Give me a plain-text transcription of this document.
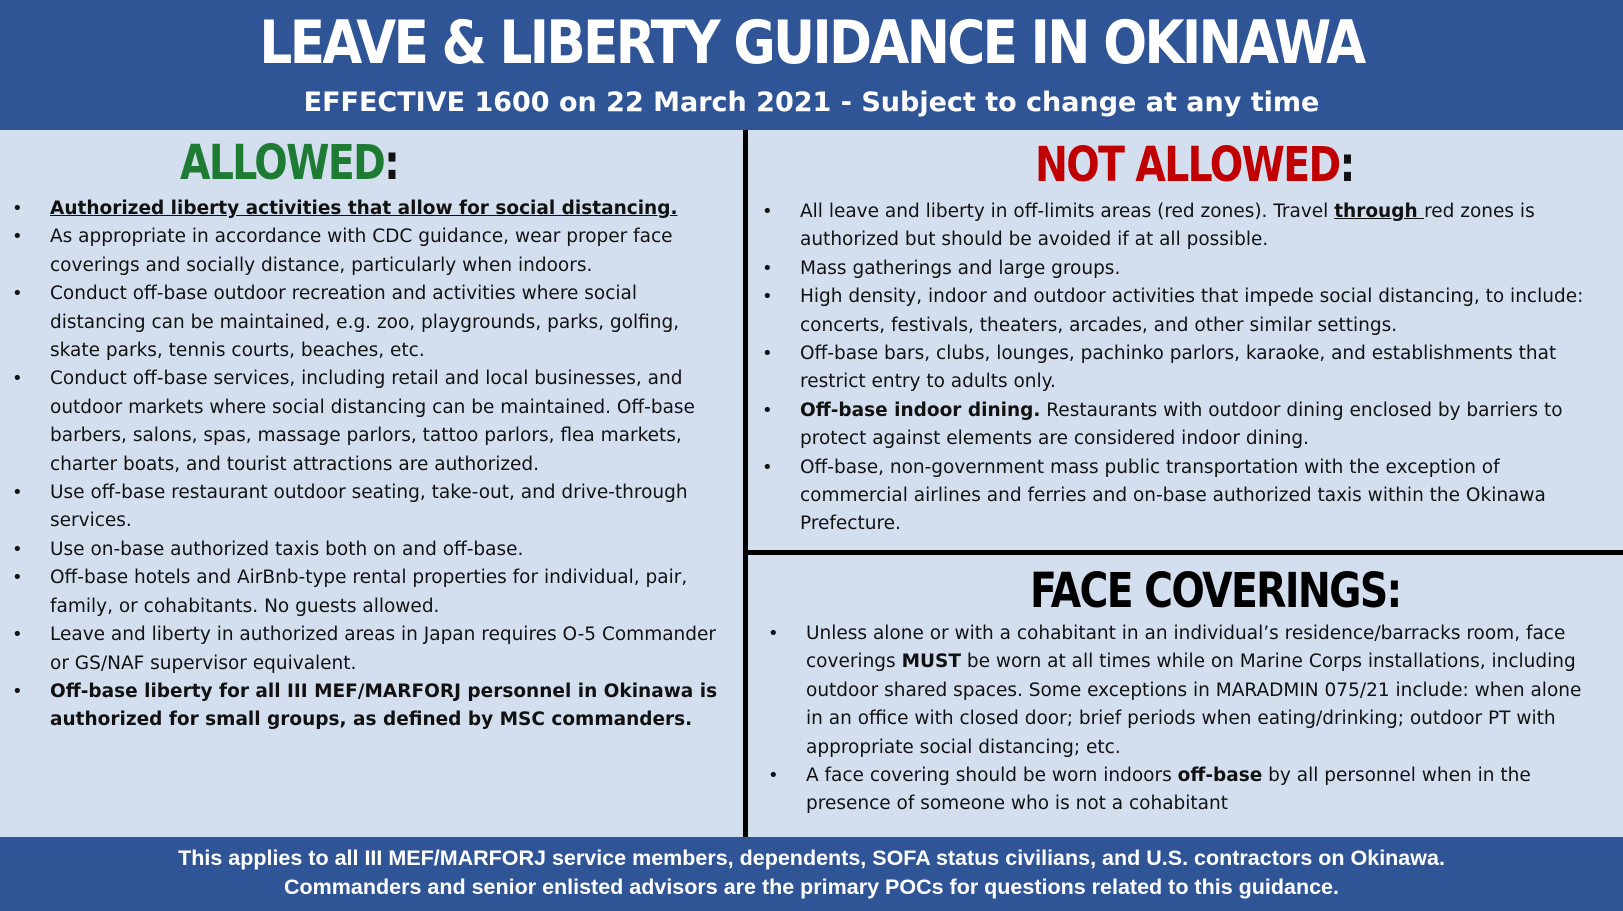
LEAVE & LIBERTY GUIDANCE IN OKINAWA
EFFECTIVE 1600 on 22 March 2021 - Subject to change at any time
ALLOWED:
• Authorized liberty activities that allow for social distancing.
• As appropriate in accordance with CDC guidance, wear proper face coverings and socially distance, particularly when indoors.
• Conduct off-base outdoor recreation and activities where social distancing can be maintained, e.g. zoo, playgrounds, parks, golfing, skate parks, tennis courts, beaches, etc.
• Conduct off-base services, including retail and local businesses, and outdoor markets where social distancing can be maintained. Off-base barbers, salons, spas, massage parlors, tattoo parlors, flea markets, charter boats, and tourist attractions are authorized.
• Use off-base restaurant outdoor seating, take-out, and drive-through services.
• Use on-base authorized taxis both on and off-base.
• Off-base hotels and AirBnb-type rental properties for individual, pair, family, or cohabitants. No guests allowed.
• Leave and liberty in authorized areas in Japan requires O-5 Commander or GS/NAF supervisor equivalent.
• Off-base liberty for all III MEF/MARFORJ personnel in Okinawa is authorized for small groups, as defined by MSC commanders.
NOT ALLOWED:
• All leave and liberty in off-limits areas (red zones). Travel through red zones is authorized but should be avoided if at all possible.
• Mass gatherings and large groups.
• High density, indoor and outdoor activities that impede social distancing, to include: concerts, festivals, theaters, arcades, and other similar settings.
• Off-base bars, clubs, lounges, pachinko parlors, karaoke, and establishments that restrict entry to adults only.
• Off-base indoor dining. Restaurants with outdoor dining enclosed by barriers to protect against elements are considered indoor dining.
• Off-base, non-government mass public transportation with the exception of commercial airlines and ferries and on-base authorized taxis within the Okinawa Prefecture.
FACE COVERINGS:
• Unless alone or with a cohabitant in an individual’s residence/barracks room, face coverings MUST be worn at all times while on Marine Corps installations, including outdoor shared spaces. Some exceptions in MARADMIN 075/21 include: when alone in an office with closed door; brief periods when eating/drinking; outdoor PT with appropriate social distancing; etc.
• A face covering should be worn indoors off-base by all personnel when in the presence of someone who is not a cohabitant
This applies to all III MEF/MARFORJ service members, dependents, SOFA status civilians, and U.S. contractors on Okinawa.
Commanders and senior enlisted advisors are the primary POCs for questions related to this guidance.
